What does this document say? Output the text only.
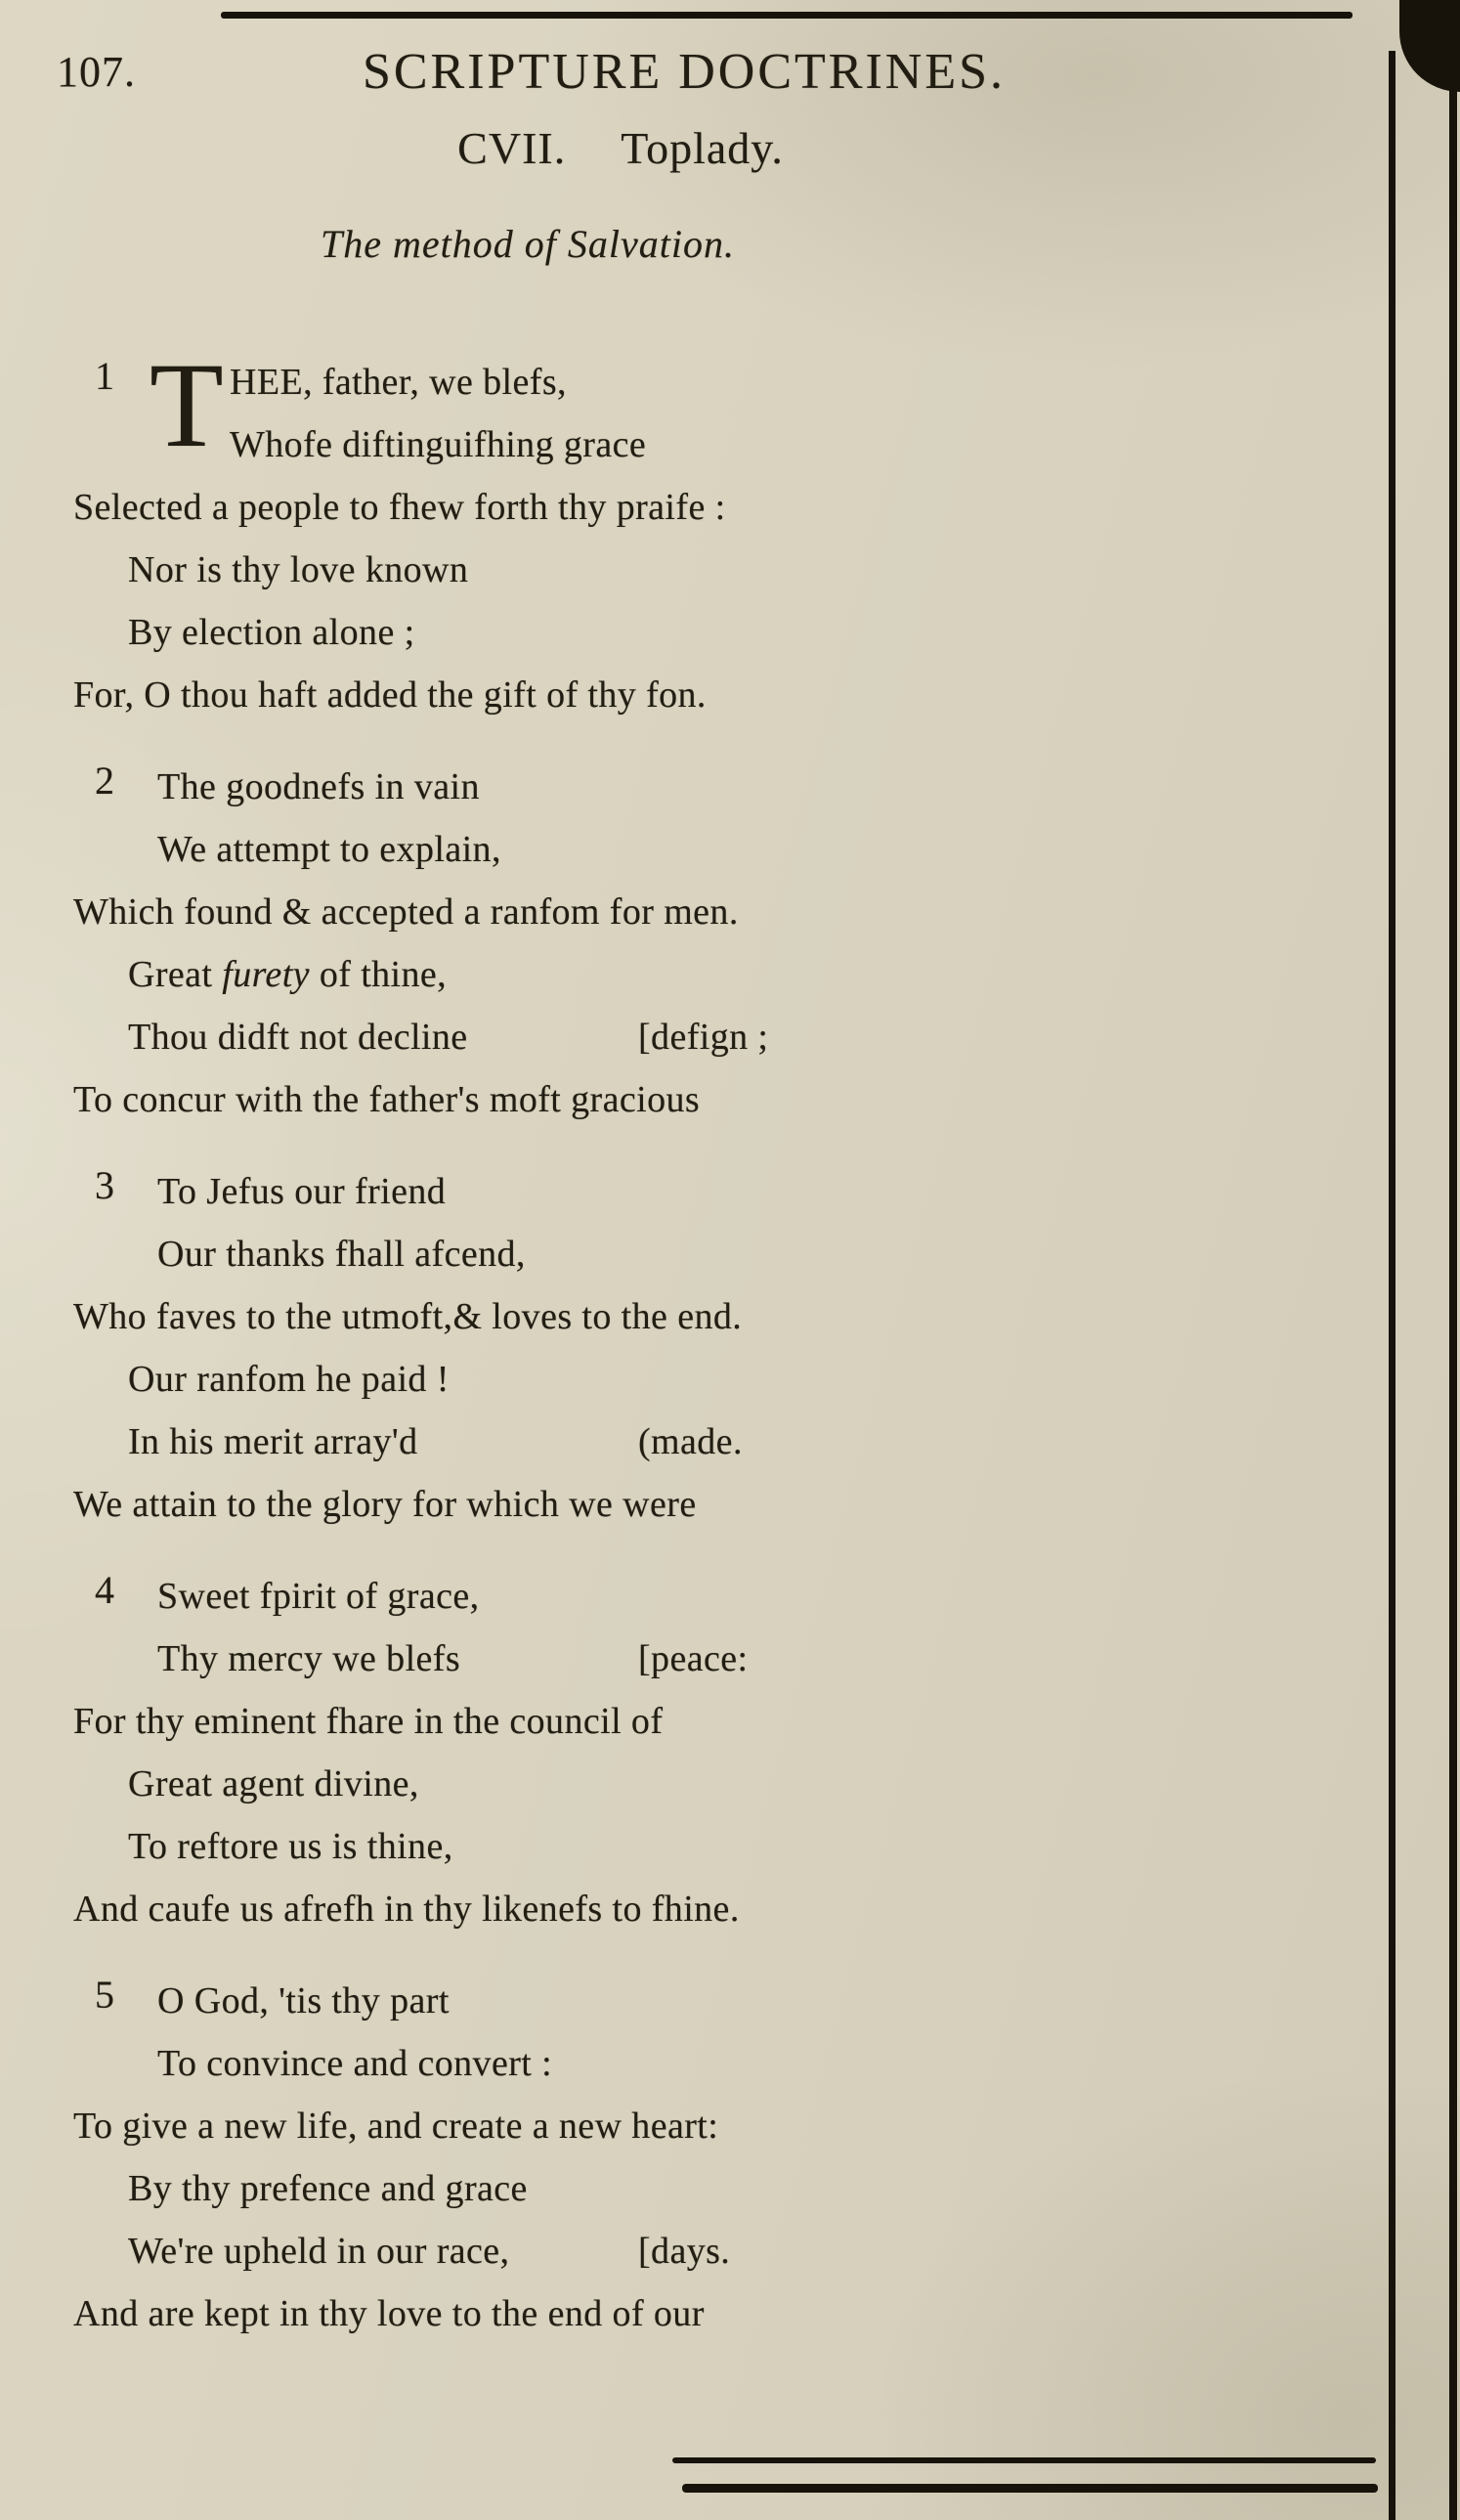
107.	SCRIPTURE DOCTRINES.
CVII. Toplady.
The method of Salvation.
1 T HEE, father, we blefs,
Whofe diftinguifhing grace
Selected a people to fhew forth thy praife :
Nor is thy love known
By election alone ;
For, O thou haft added the gift of thy fon.
2	The goodnefs in vain
We attempt to explain,
Which found & accepted a ranfom for men.
Great furety of thine,
Thou didft not decline	[defign ;
To concur with the father's moft gracious
3	To Jefus our friend
Our thanks fhall afcend,
Who faves to the utmoft,& loves to the end.
Our ranfom he paid !
In his merit array'd	(made.
We attain to the glory for which we were
4	Sweet fpirit of grace,
Thy mercy we blefs	[peace:
For thy eminent fhare in the council of
Great agent divine,
To reftore us is thine,
And caufe us afrefh in thy likenefs to fhine.
5	O God, 'tis thy part
To convince and convert :
To give a new life, and create a new heart:
By thy prefence and grace
We're upheld in our race,	[days.
And are kept in thy love to the end of our
